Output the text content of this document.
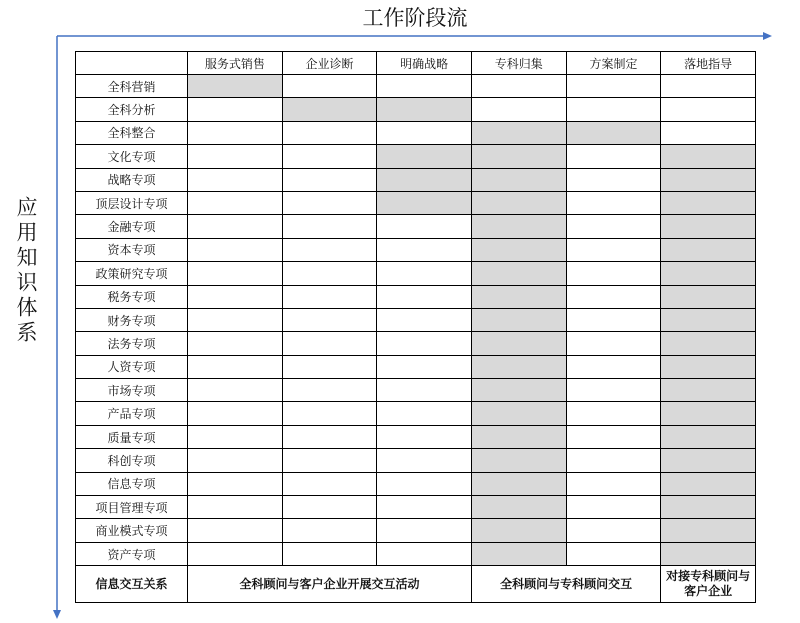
工作阶段流
应用知识体系
	服务式销售	企业诊断	明确战略	专科归集	方案制定	落地指导
全科营销						
全科分析						
全科整合						
文化专项						
战略专项						
顶层设计专项						
金融专项						
资本专项						
政策研究专项						
税务专项						
财务专项						
法务专项						
人资专项						
市场专项						
产品专项						
质量专项						
科创专项						
信息专项						
项目管理专项						
商业模式专项						
资产专项						
信息交互关系	全科顾问与客户企业开展交互活动			全科顾问与专科顾问交互		对接专科顾问与客户企业
